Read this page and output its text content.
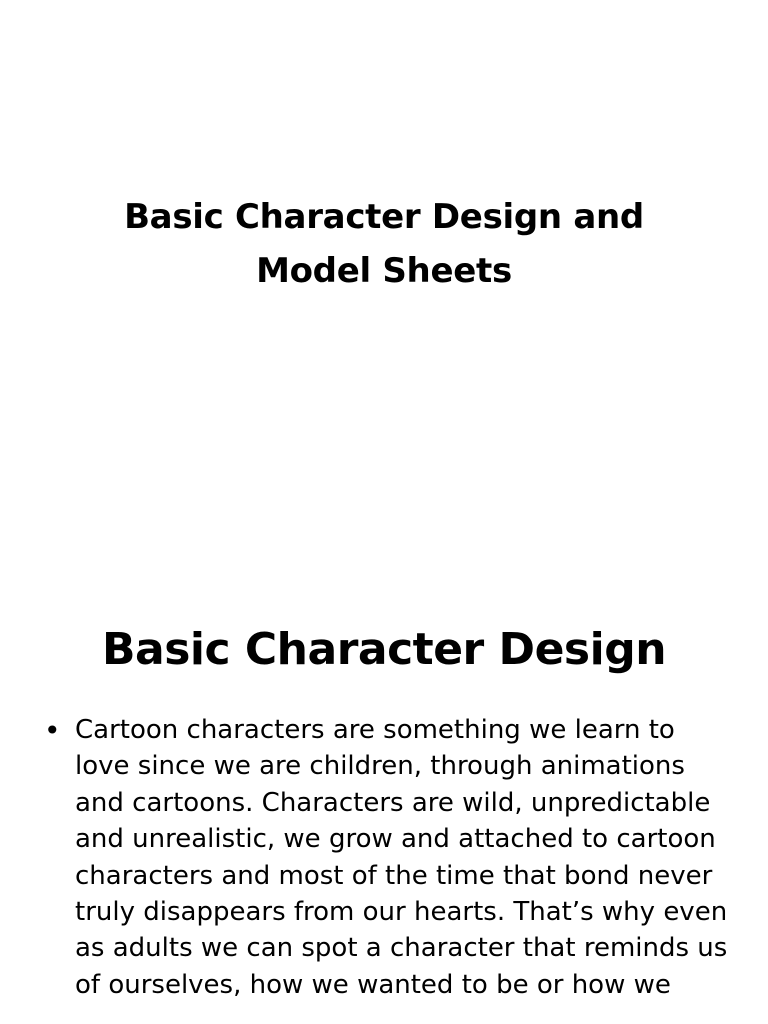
Basic Character Design and Model Sheets
Basic Character Design
• Cartoon characters are something we learn to love since we are children, through animations and cartoons. Characters are wild, unpredictable and unrealistic, we grow and attached to cartoon characters and most of the time that bond never truly disappears from our hearts. That’s why even as adults we can spot a character that reminds us of ourselves, how we wanted to be or how we
